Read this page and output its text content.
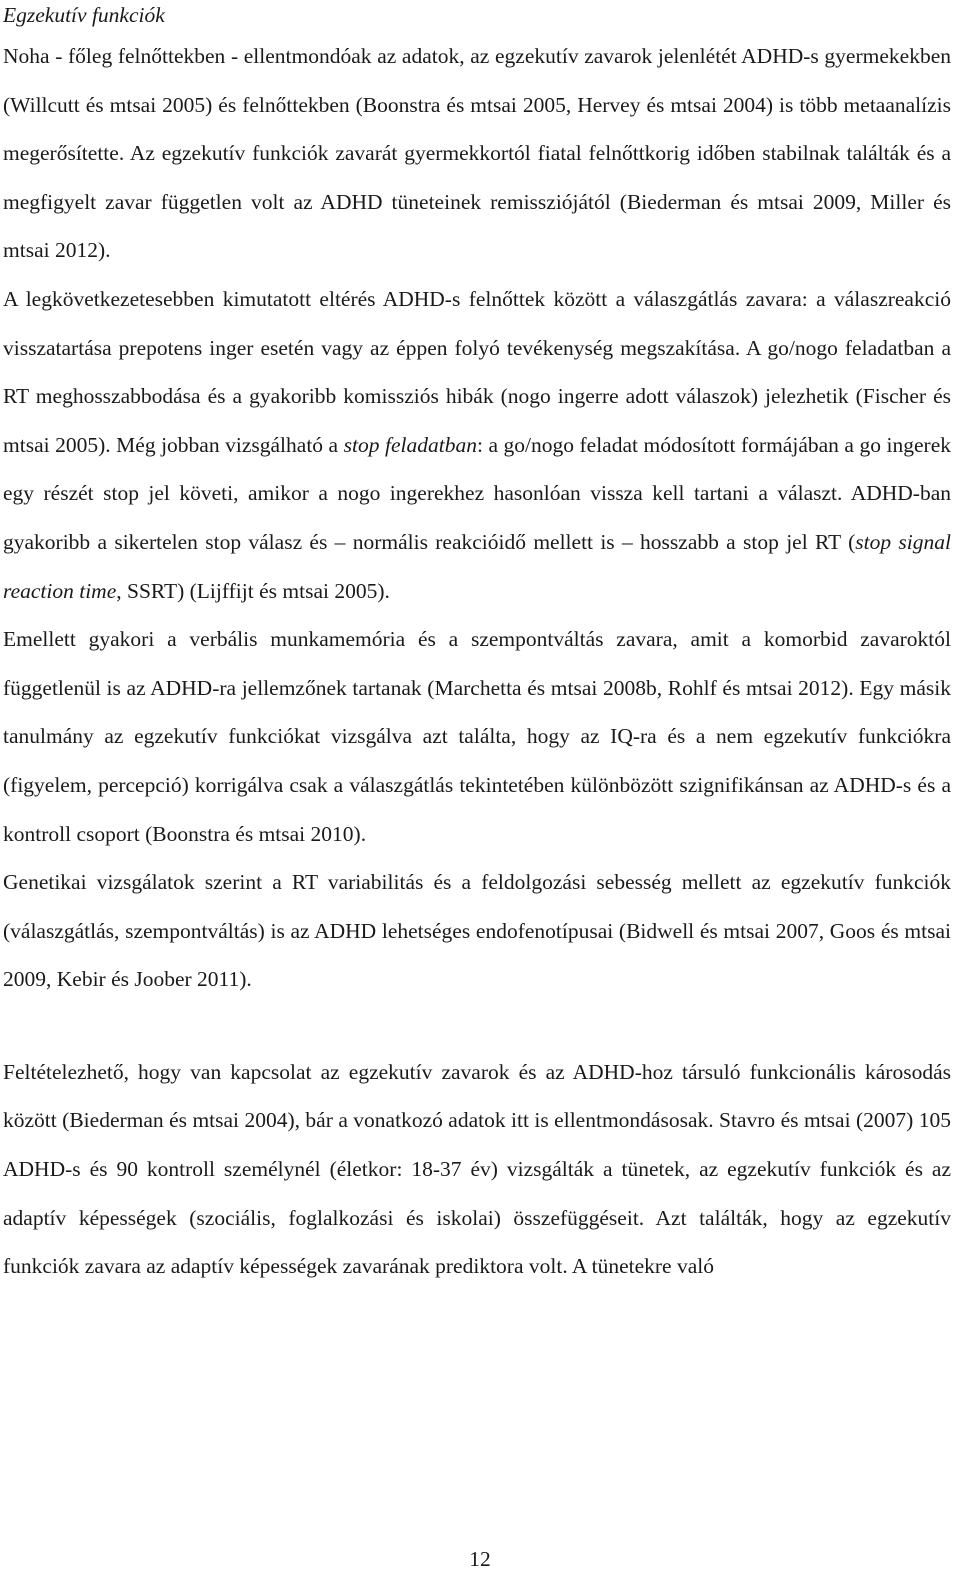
Egzekutív funkciók

Noha - főleg felnőttekben - ellentmondóak az adatok, az egzekutív zavarok jelenlétét ADHD-s gyermekekben (Willcutt és mtsai 2005) és felnőttekben (Boonstra és mtsai 2005, Hervey és mtsai 2004) is több metaanalízis megerősítette. Az egzekutív funkciók zavarát gyermekkortól fiatal felnőttkorig időben stabilnak találták és a megfigyelt zavar független volt az ADHD tüneteinek remissziójától (Biederman és mtsai 2009, Miller és mtsai 2012).

A legkövetkezetesebben kimutatott eltérés ADHD-s felnőttek között a válaszgátlás zavara: a válaszreakció visszatartása prepotens inger esetén vagy az éppen folyó tevékenység megszakítása. A go/nogo feladatban a RT meghosszabbodása és a gyakoribb komissziós hibák (nogo ingerre adott válaszok) jelezhetik (Fischer és mtsai 2005). Még jobban vizsgálható a stop feladatban: a go/nogo feladat módosított formájában a go ingerek egy részét stop jel követi, amikor a nogo ingerekhez hasonlóan vissza kell tartani a választ. ADHD-ban gyakoribb a sikertelen stop válasz és – normális reakcióidő mellett is – hosszabb a stop jel RT (stop signal reaction time, SSRT) (Lijffijt és mtsai 2005).

Emellett gyakori a verbális munkamemória és a szempontváltás zavara, amit a komorbid zavaroktól függetlenül is az ADHD-ra jellemzőnek tartanak (Marchetta és mtsai 2008b, Rohlf és mtsai 2012). Egy másik tanulmány az egzekutív funkciókat vizsgálva azt találta, hogy az IQ-ra és a nem egzekutív funkciókra (figyelem, percepció) korrigálva csak a válaszgátlás tekintetében különbözött szignifikánsan az ADHD-s és a kontroll csoport (Boonstra és mtsai 2010).

Genetikai vizsgálatok szerint a RT variabilitás és a feldolgozási sebesség mellett az egzekutív funkciók (válaszgátlás, szempontváltás) is az ADHD lehetséges endofenotípusai (Bidwell és mtsai 2007, Goos és mtsai 2009, Kebir és Joober 2011).

Feltételezhető, hogy van kapcsolat az egzekutív zavarok és az ADHD-hoz társuló funkcionális károsodás között (Biederman és mtsai 2004), bár a vonatkozó adatok itt is ellentmondásosak. Stavro és mtsai (2007) 105 ADHD-s és 90 kontroll személynél (életkor: 18-37 év) vizsgálták a tünetek, az egzekutív funkciók és az adaptív képességek (szociális, foglalkozási és iskolai) összefüggéseit. Azt találták, hogy az egzekutív funkciók zavara az adaptív képességek zavarának prediktora volt. A tünetekre való

12
